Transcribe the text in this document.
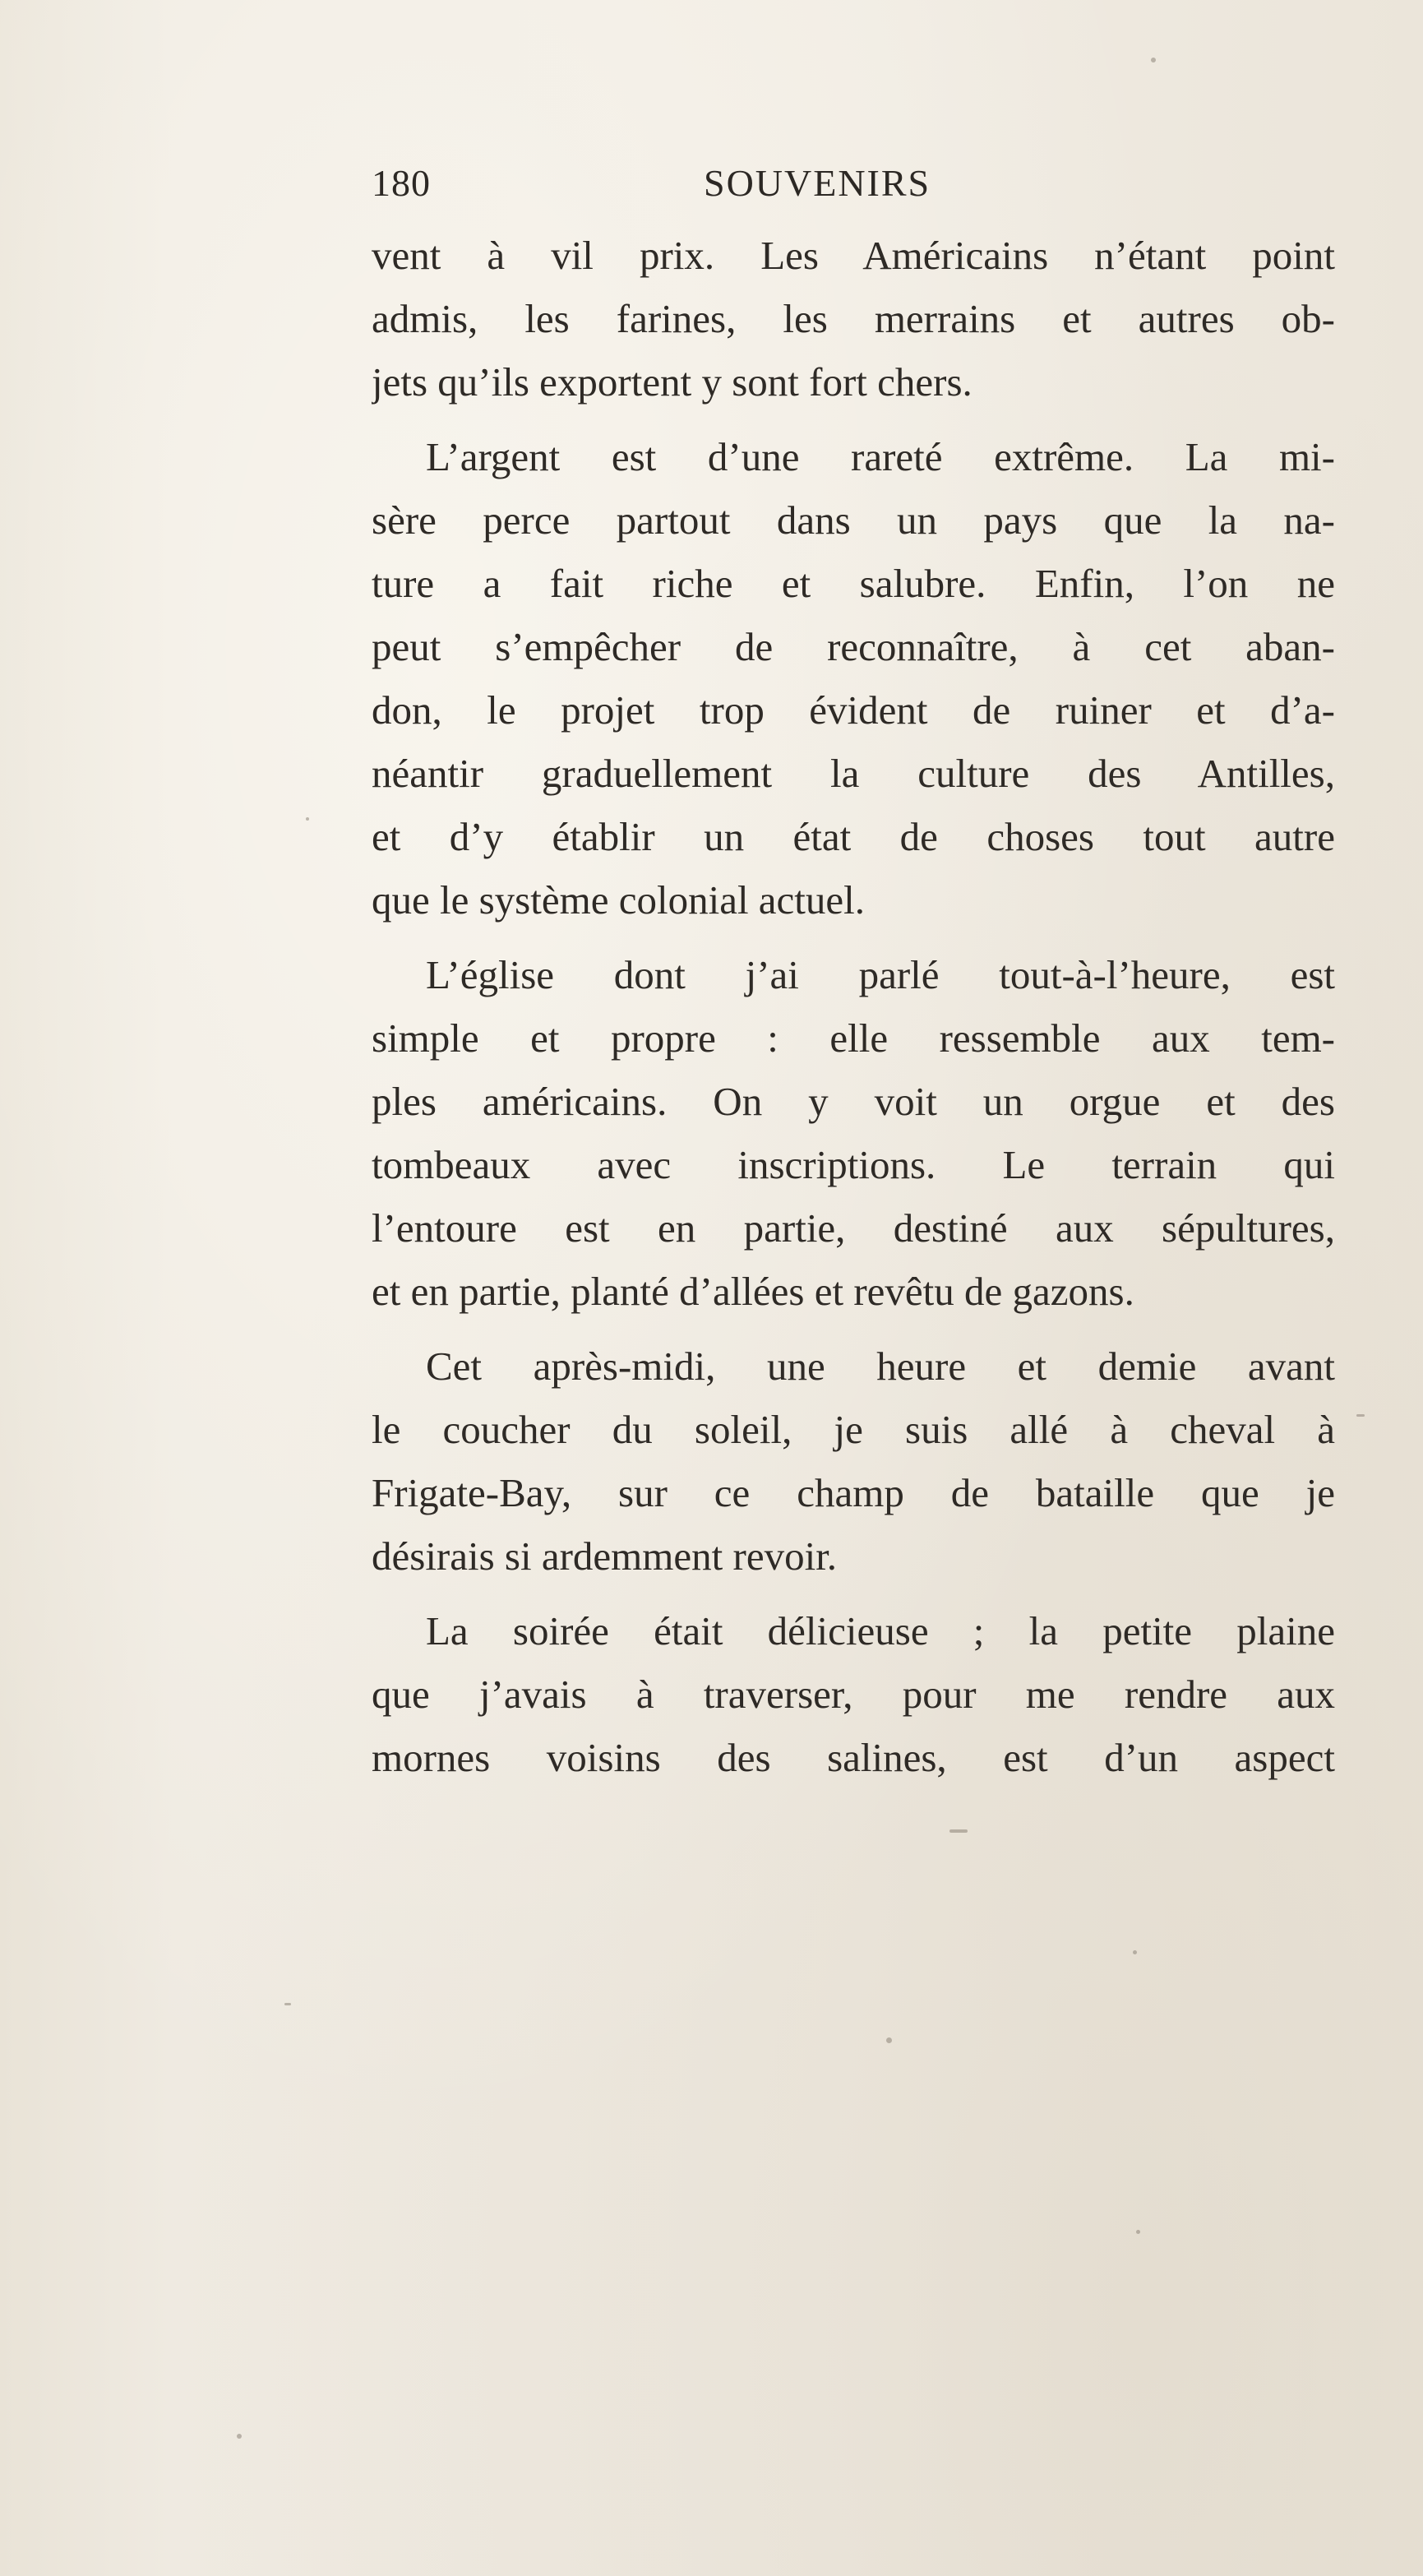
180	SOUVENIRS
vent à vil prix. Les Américains n’étant point
admis, les farines, les merrains et autres ob-
jets qu’ils exportent y sont fort chers.
L’argent est d’une rareté extrême. La mi-
sère perce partout dans un pays que la na-
ture a fait riche et salubre. Enfin, l’on ne
peut s’empêcher de reconnaître, à cet aban-
don, le projet trop évident de ruiner et d’a-
néantir graduellement la culture des Antilles,
et d’y établir un état de choses tout autre
que le système colonial actuel.
L’église dont j’ai parlé tout-à-l’heure, est
simple et propre : elle ressemble aux tem-
ples américains. On y voit un orgue et des
tombeaux avec inscriptions. Le terrain qui
l’entoure est en partie, destiné aux sépultures,
et en partie, planté d’allées et revêtu de gazons.
Cet après-midi, une heure et demie avant
le coucher du soleil, je suis allé à cheval à
Frigate-Bay, sur ce champ de bataille que je
désirais si ardemment revoir.
La soirée était délicieuse ; la petite plaine
que j’avais à traverser, pour me rendre aux
mornes voisins des salines, est d’un aspect
